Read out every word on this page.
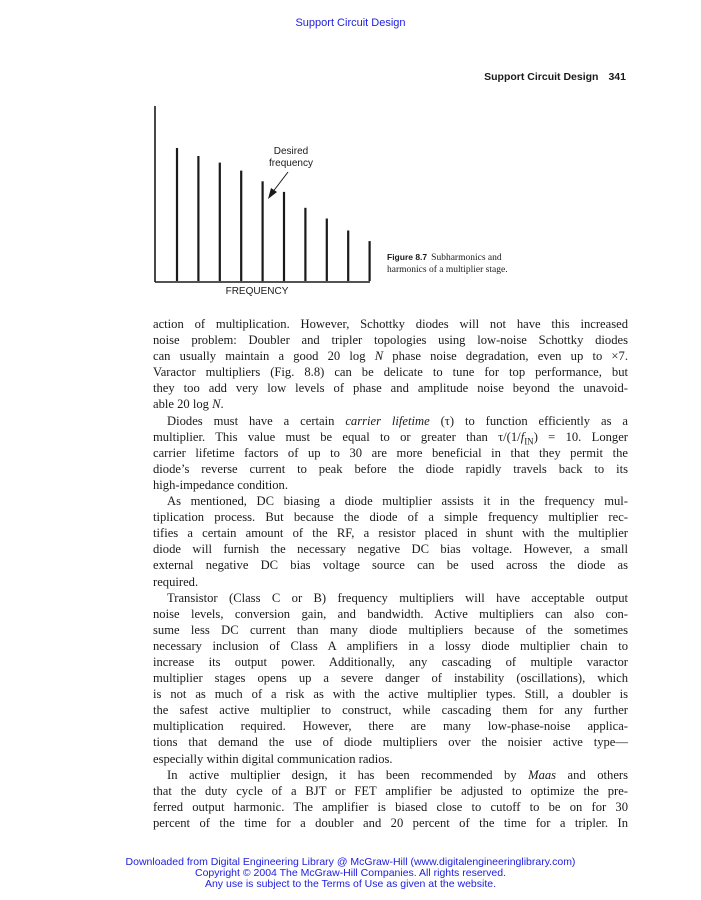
Support Circuit Design
Support Circuit Design 341
Desired
frequency
FREQUENCY
Figure 8.7 Subharmonics and
harmonics of a multiplier stage.
action of multiplication. However, Schottky diodes will not have this increased
noise problem: Doubler and tripler topologies using low-noise Schottky diodes
can usually maintain a good 20 log N phase noise degradation, even up to ×7.
Varactor multipliers (Fig. 8.8) can be delicate to tune for top performance, but
they too add very low levels of phase and amplitude noise beyond the unavoid-
able 20 log N.
Diodes must have a certain carrier lifetime (τ) to function efficiently as a
multiplier. This value must be equal to or greater than $\tau/(1/f_{IN}) = 10$. Longer
carrier lifetime factors of up to 30 are more beneficial in that they permit the
diode’s reverse current to peak before the diode rapidly travels back to its
high-impedance condition.
As mentioned, DC biasing a diode multiplier assists it in the frequency mul-
tiplication process. But because the diode of a simple frequency multiplier rec-
tifies a certain amount of the RF, a resistor placed in shunt with the multiplier
diode will furnish the necessary negative DC bias voltage. However, a small
external negative DC bias voltage source can be used across the diode as
required.
Transistor (Class C or B) frequency multipliers will have acceptable output
noise levels, conversion gain, and bandwidth. Active multipliers can also con-
sume less DC current than many diode multipliers because of the sometimes
necessary inclusion of Class A amplifiers in a lossy diode multiplier chain to
increase its output power. Additionally, any cascading of multiple varactor
multiplier stages opens up a severe danger of instability (oscillations), which
is not as much of a risk as with the active multiplier types. Still, a doubler is
the safest active multiplier to construct, while cascading them for any further
multiplication required. However, there are many low-phase-noise applica-
tions that demand the use of diode multipliers over the noisier active type—
especially within digital communication radios.
In active multiplier design, it has been recommended by Maas and others
that the duty cycle of a BJT or FET amplifier be adjusted to optimize the pre-
ferred output harmonic. The amplifier is biased close to cutoff to be on for 30
percent of the time for a doubler and 20 percent of the time for a tripler. In
Downloaded from Digital Engineering Library @ McGraw-Hill (www.digitalengineeringlibrary.com)
Copyright © 2004 The McGraw-Hill Companies. All rights reserved.
Any use is subject to the Terms of Use as given at the website.
